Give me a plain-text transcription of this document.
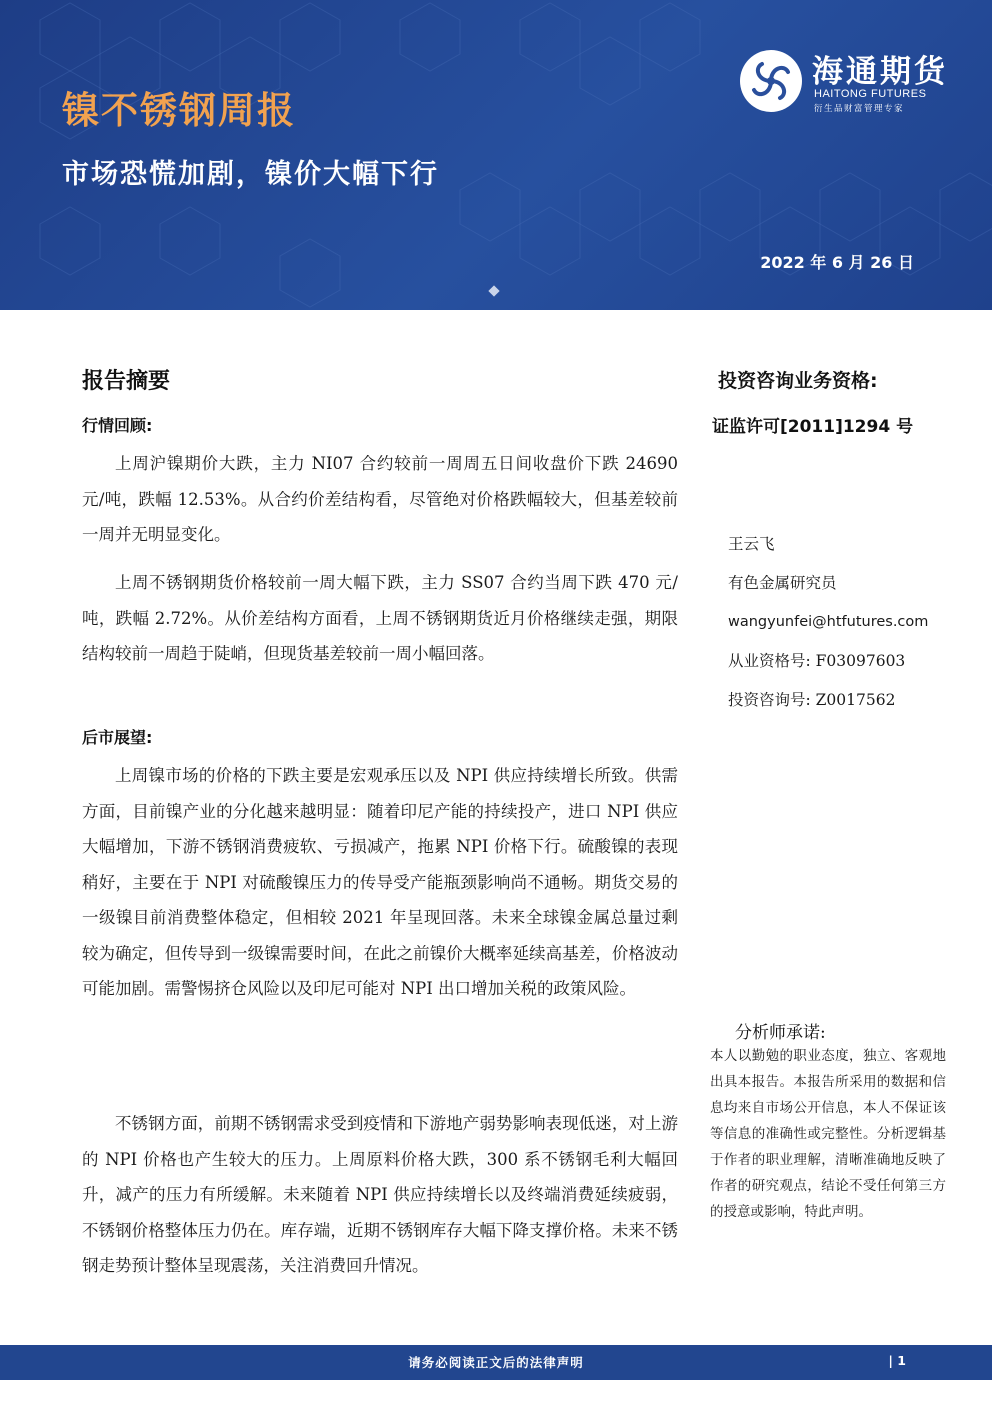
镍不锈钢周报
市场恐慌加剧，镍价大幅下行
2022 年 6 月 26 日
海通期货
HAITONG FUTURES
衍生品财富管理专家
报告摘要
行情回顾:

上周沪镍期价大跌，主力 NI07 合约较前一周周五日间收盘价下跌 24690 元/吨，跌幅 12.53%。从合约价差结构看，尽管绝对价格跌幅较大，但基差较前一周并无明显变化。

上周不锈钢期货价格较前一周大幅下跌，主力 SS07 合约当周下跌 470 元/吨，跌幅 2.72%。从价差结构方面看，上周不锈钢期货近月价格继续走强，期限结构较前一周趋于陡峭，但现货基差较前一周小幅回落。

后市展望:

上周镍市场的价格的下跌主要是宏观承压以及 NPI 供应持续增长所致。供需方面，目前镍产业的分化越来越明显：随着印尼产能的持续投产，进口 NPI 供应大幅增加，下游不锈钢消费疲软、亏损减产，拖累 NPI 价格下行。硫酸镍的表现稍好，主要在于 NPI 对硫酸镍压力的传导受产能瓶颈影响尚不通畅。期货交易的一级镍目前消费整体稳定，但相较 2021 年呈现回落。未来全球镍金属总量过剩较为确定，但传导到一级镍需要时间，在此之前镍价大概率延续高基差，价格波动可能加剧。需警惕挤仓风险以及印尼可能对 NPI 出口增加关税的政策风险。

不锈钢方面，前期不锈钢需求受到疫情和下游地产弱势影响表现低迷，对上游的 NPI 价格也产生较大的压力。上周原料价格大跌，300 系不锈钢毛利大幅回升，减产的压力有所缓解。未来随着 NPI 供应持续增长以及终端消费延续疲弱，不锈钢价格整体压力仍在。库存端，近期不锈钢库存大幅下降支撑价格。未来不锈钢走势预计整体呈现震荡，关注消费回升情况。

投资咨询业务资格:
证监许可[2011]1294 号
王云飞
有色金属研究员
wangyunfei@htfutures.com
从业资格号: F03097603
投资咨询号: Z0017562
分析师承诺:

本人以勤勉的职业态度，独立、客观地出具本报告。本报告所采用的数据和信息均来自市场公开信息，本人不保证该等信息的准确性或完整性。分析逻辑基于作者的职业理解，清晰准确地反映了作者的研究观点，结论不受任何第三方的授意或影响，特此声明。

请务必阅读正文后的法律声明	| 1
